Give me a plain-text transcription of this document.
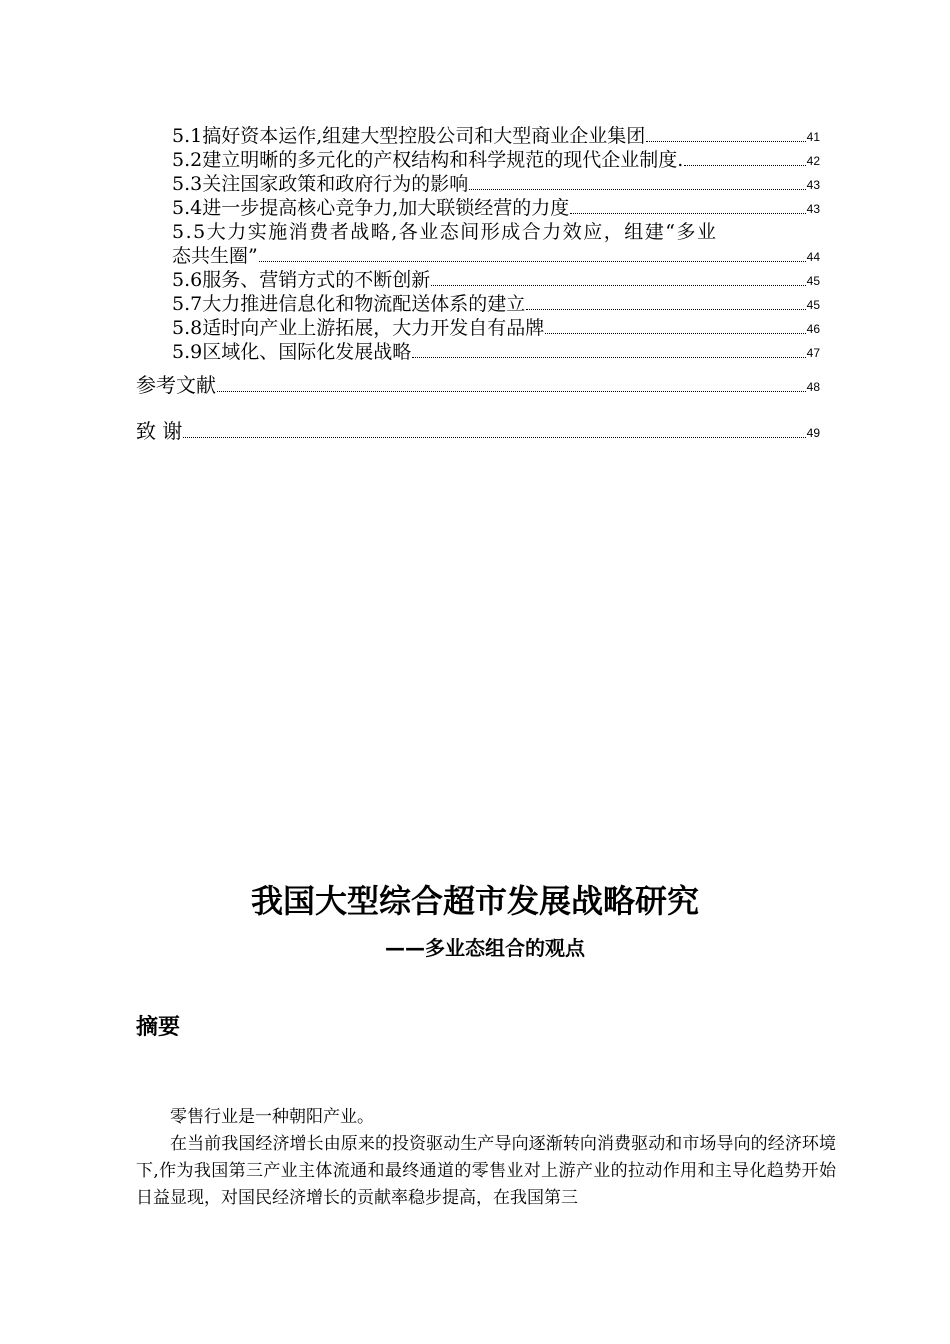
5.1搞好资本运作,组建大型控股公司和大型商业企业集团	41
5.2建立明晰的多元化的产权结构和科学规范的现代企业制度.	42
5.3关注国家政策和政府行为的影响	43
5.4进一步提高核心竞争力,加大联锁经营的力度	43
5.5大力实施消费者战略,各业态间形成合力效应，组建“多业
态共生圈”	44
5.6服务、营销方式的不断创新	45
5.7大力推进信息化和物流配送体系的建立	45
5.8适时向产业上游拓展，大力开发自有品牌	46
5.9区域化、国际化发展战略	47
参考文献	48
致 谢	49
我国大型综合超市发展战略研究
——多业态组合的观点
摘要

零售行业是一种朝阳产业。

在当前我国经济增长由原来的投资驱动生产导向逐渐转向消费驱动和市场导向的经济环境下,作为我国第三产业主体流通和最终通道的零售业对上游产业的拉动作用和主导化趋势开始日益显现，对国民经济增长的贡献率稳步提高，在我国第三
